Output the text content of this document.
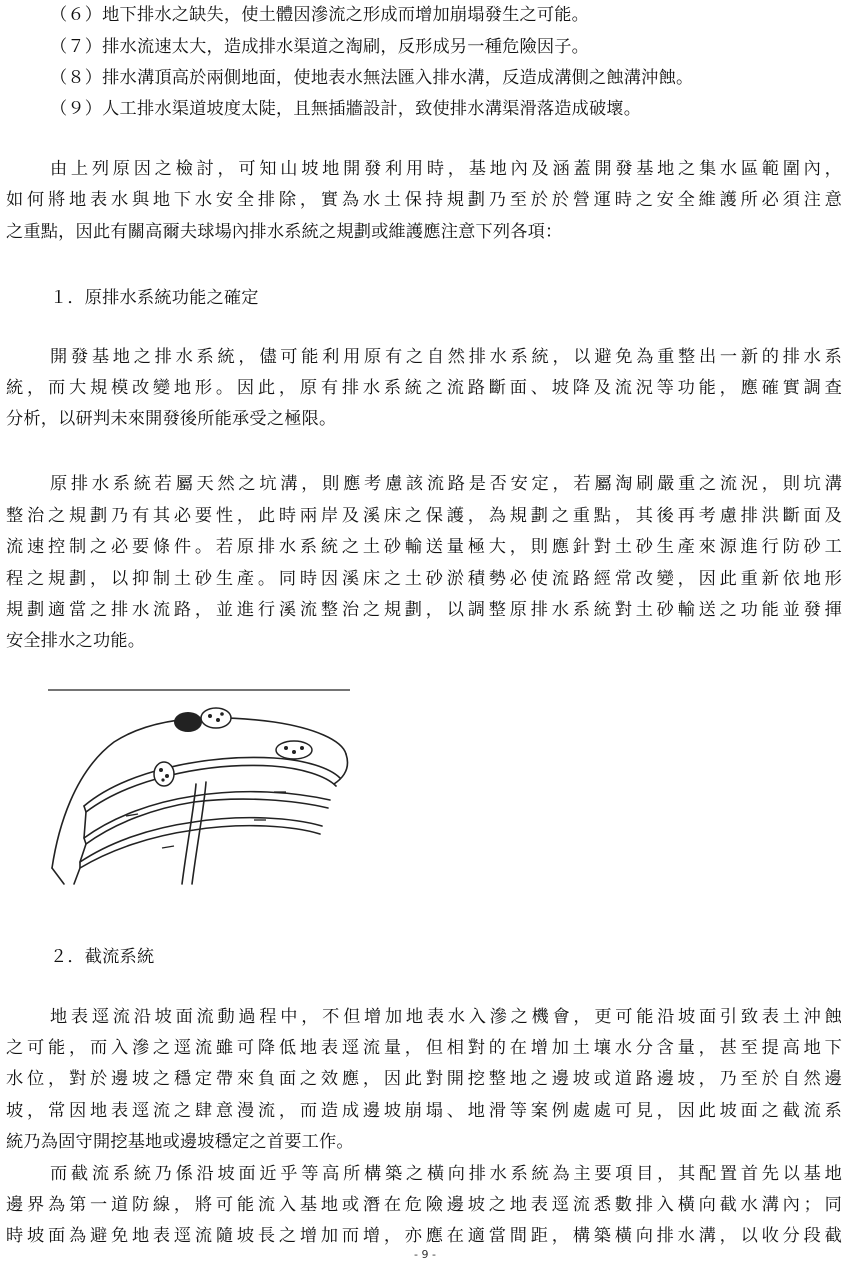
（６）地下排水之缺失，使土體因滲流之形成而增加崩塌發生之可能。
（７）排水流速太大，造成排水渠道之淘刷，反形成另一種危險因子。
（８）排水溝頂高於兩側地面，使地表水無法匯入排水溝，反造成溝側之蝕溝沖蝕。
（９）人工排水渠道坡度太陡，且無插牆設計，致使排水溝渠滑落造成破壞。
由上列原因之檢討，可知山坡地開發利用時，基地內及涵蓋開發基地之集水區範圍內，
如何將地表水與地下水安全排除，實為水土保持規劃乃至於於營運時之安全維護所必須注意
之重點，因此有關高爾夫球場內排水系統之規劃或維護應注意下列各項：
１．原排水系統功能之確定
開發基地之排水系統，儘可能利用原有之自然排水系統，以避免為重整出一新的排水系
統，而大規模改變地形。因此，原有排水系統之流路斷面、坡降及流況等功能，應確實調查
分析，以研判未來開發後所能承受之極限。
原排水系統若屬天然之坑溝，則應考慮該流路是否安定，若屬淘刷嚴重之流況，則坑溝
整治之規劃乃有其必要性，此時兩岸及溪床之保護，為規劃之重點，其後再考慮排洪斷面及
流速控制之必要條件。若原排水系統之土砂輸送量極大，則應針對土砂生產來源進行防砂工
程之規劃，以抑制土砂生產。同時因溪床之土砂淤積勢必使流路經常改變，因此重新依地形
規劃適當之排水流路，並進行溪流整治之規劃，以調整原排水系統對土砂輸送之功能並發揮
安全排水之功能。
２．截流系統
地表逕流沿坡面流動過程中，不但增加地表水入滲之機會，更可能沿坡面引致表土沖蝕
之可能，而入滲之逕流雖可降低地表逕流量，但相對的在增加土壤水分含量，甚至提高地下
水位，對於邊坡之穩定帶來負面之效應，因此對開挖整地之邊坡或道路邊坡，乃至於自然邊
坡，常因地表逕流之肆意漫流，而造成邊坡崩塌、地滑等案例處處可見，因此坡面之截流系
統乃為固守開挖基地或邊坡穩定之首要工作。
而截流系統乃係沿坡面近乎等高所構築之橫向排水系統為主要項目，其配置首先以基地
邊界為第一道防線，將可能流入基地或潛在危險邊坡之地表逕流悉數排入橫向截水溝內；同
時坡面為避免地表逕流隨坡長之增加而增，亦應在適當間距，構築橫向排水溝，以收分段截
- 9 -
